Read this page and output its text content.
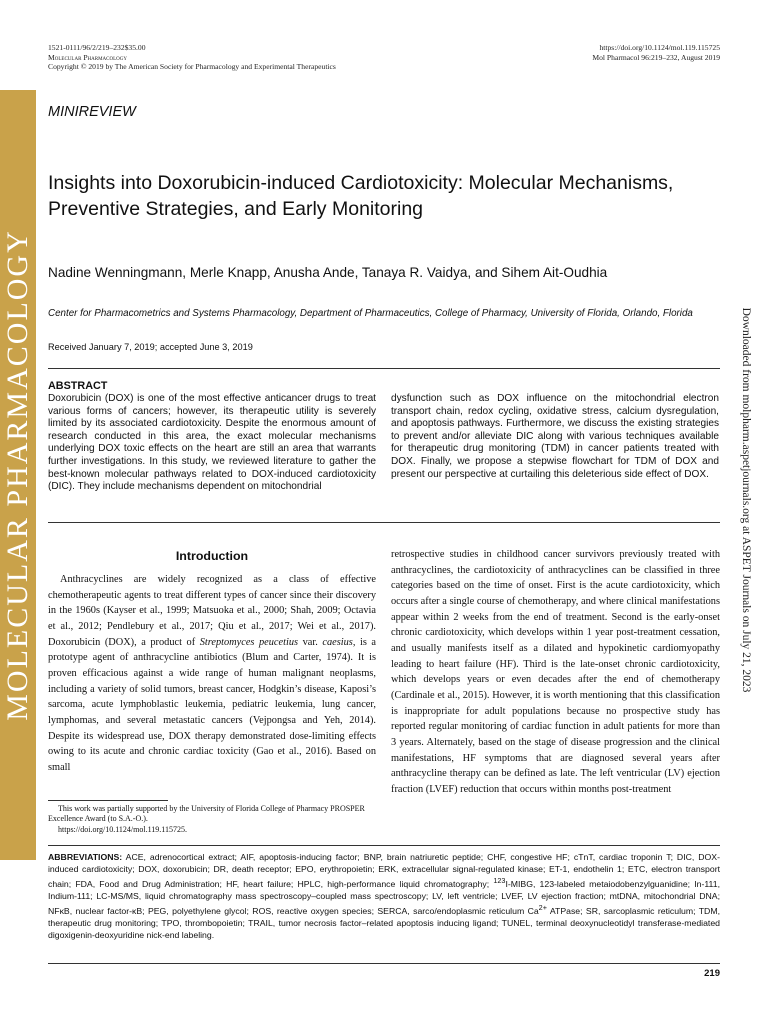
MOLECULAR PHARMACOLOGY	Downloaded from molpharm.aspetjournals.org at ASPET Journals on July 21, 2023
1521-0111/96/2/219–232$35.00
Molecular Pharmacology
Copyright © 2019 by The American Society for Pharmacology and Experimental Therapeutics
https://doi.org/10.1124/mol.119.115725
Mol Pharmacol 96:219–232, August 2019
MINIREVIEW
Insights into Doxorubicin-induced Cardiotoxicity: Molecular Mechanisms, Preventive Strategies, and Early Monitoring
Nadine Wenningmann, Merle Knapp, Anusha Ande, Tanaya R. Vaidya, and Sihem Ait-Oudhia
Center for Pharmacometrics and Systems Pharmacology, Department of Pharmaceutics, College of Pharmacy, University of Florida, Orlando, Florida
Received January 7, 2019; accepted June 3, 2019
ABSTRACT
Doxorubicin (DOX) is one of the most effective anticancer drugs to treat various forms of cancers; however, its therapeutic utility is severely limited by its associated cardiotoxicity. Despite the enormous amount of research conducted in this area, the exact molecular mechanisms underlying DOX toxic effects on the heart are still an area that warrants further investigations. In this study, we reviewed literature to gather the best-known molecular pathways related to DOX-induced cardiotoxicity (DIC). They include mechanisms dependent on mitochondrial
dysfunction such as DOX influence on the mitochondrial electron transport chain, redox cycling, oxidative stress, calcium dysregulation, and apoptosis pathways. Furthermore, we discuss the existing strategies to prevent and/or alleviate DIC along with various techniques available for therapeutic drug monitoring (TDM) in cancer patients treated with DOX. Finally, we propose a stepwise flowchart for TDM of DOX and present our perspective at curtailing this deleterious side effect of DOX.
Introduction
Anthracyclines are widely recognized as a class of effective chemotherapeutic agents to treat different types of cancer since their discovery in the 1960s (Kayser et al., 1999; Matsuoka et al., 2000; Shah, 2009; Octavia et al., 2012; Pendlebury et al., 2017; Qiu et al., 2017; Wei et al., 2017). Doxorubicin (DOX), a product of Streptomyces peucetius var. caesius, is a prototype agent of anthracycline antibiotics (Blum and Carter, 1974). It is proven efficacious against a wide range of human malignant neoplasms, including a variety of solid tumors, breast cancer, Hodgkin’s disease, Kaposi’s sarcoma, acute lymphoblastic leukemia, pediatric leukemia, lung cancer, lymphomas, and several metastatic cancers (Vejpongsa and Yeh, 2014). Despite its widespread use, DOX therapy demonstrated dose-limiting effects owing to its acute and chronic cardiac toxicity (Gao et al., 2016). Based on small
retrospective studies in childhood cancer survivors previously treated with anthracyclines, the cardiotoxicity of anthracyclines can be classified in three categories based on the time of onset. First is the acute cardiotoxicity, which occurs after a single course of chemotherapy, and where clinical manifestations appear within 2 weeks from the end of treatment. Second is the early-onset chronic cardiotoxicity, which develops within 1 year post-treatment cessation, and usually manifests itself as a dilated and hypokinetic cardiomyopathy leading to heart failure (HF). Third is the late-onset chronic cardiotoxicity, which develops years or even decades after the end of chemotherapy (Cardinale et al., 2015). However, it is worth mentioning that this classification is inappropriate for adult populations because no prospective study has reported regular monitoring of cardiac function in adult patients for more than 3 years. Alternately, based on the stage of disease progression and the clinical manifestations, HF symptoms that are diagnosed several years after anthracycline therapy can be defined as late. The left ventricular (LV) ejection fraction (LVEF) reduction that occurs within months post-treatment
This work was partially supported by the University of Florida College of Pharmacy PROSPER Excellence Award (to S.A.-O.).
https://doi.org/10.1124/mol.119.115725.
ABBREVIATIONS: ACE, adrenocortical extract; AIF, apoptosis-inducing factor; BNP, brain natriuretic peptide; CHF, congestive HF; cTnT, cardiac troponin T; DIC, DOX-induced cardiotoxicity; DOX, doxorubicin; DR, death receptor; EPO, erythropoietin; ERK, extracellular signal-regulated kinase; ET-1, endothelin 1; ETC, electron transport chain; FDA, Food and Drug Administration; HF, heart failure; HPLC, high-performance liquid chromatography; $^{123}$I-MIBG, 123-labeled metaiodobenzylguanidine; In-111, Indium-111; LC-MS/MS, liquid chromatography mass spectroscopy–coupled mass spectroscopy; LV, left ventricle; LVEF, LV ejection fraction; mtDNA, mitochondrial DNA; NFκB, nuclear factor-κB; PEG, polyethylene glycol; ROS, reactive oxygen species; SERCA, sarco/endoplasmic reticulum $Ca^{2+}$ ATPase; SR, sarcoplasmic reticulum; TDM, therapeutic drug monitoring; TPO, thrombopoietin; TRAIL, tumor necrosis factor–related apoptosis inducing ligand; TUNEL, terminal deoxynucleotidyl transferase-mediated digoxigenin-deoxyuridine nick-end labeling.
219
